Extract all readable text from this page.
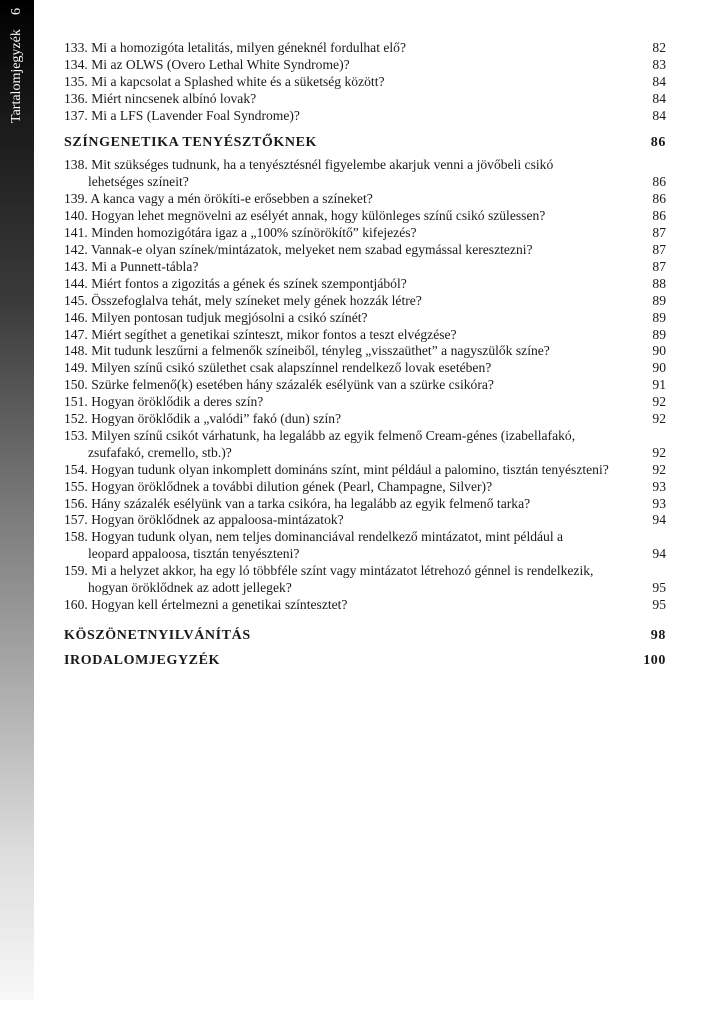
Tartalomjegyzék
6
133. Mi a homozigóta letalitás, milyen géneknél fordulhat elő?	82
134. Mi az OLWS (Overo Lethal White Syndrome)?	83
135. Mi a kapcsolat a Splashed white és a süketség között?	84
136. Miért nincsenek albínó lovak?	84
137. Mi a LFS (Lavender Foal Syndrome)?	84
SZÍNGENETIKA TENYÉSZTŐKNEK	86
138. Mit szükséges tudnunk, ha a tenyésztésnél figyelembe akarjuk venni a jövőbeli csikó
lehetséges színeit?	86
139. A kanca vagy a mén örökíti-e erősebben a színeket?	86
140. Hogyan lehet megnövelni az esélyét annak, hogy különleges színű csikó szülessen?	86
141. Minden homozigótára igaz a „100% színörökítő” kifejezés?	87
142. Vannak-e olyan színek/mintázatok, melyeket nem szabad egymással keresztezni?	87
143. Mi a Punnett-tábla?	87
144. Miért fontos a zigozitás a gének és színek szempontjából?	88
145. Összefoglalva tehát, mely színeket mely gének hozzák létre?	89
146. Milyen pontosan tudjuk megjósolni a csikó színét?	89
147. Miért segíthet a genetikai színteszt, mikor fontos a teszt elvégzése?	89
148. Mit tudunk leszűrni a felmenők színeiből, tényleg „visszaüthet” a nagyszülők színe?	90
149. Milyen színű csikó születhet csak alapszínnel rendelkező lovak esetében?	90
150. Szürke felmenő(k) esetében hány százalék esélyünk van a szürke csikóra?	91
151. Hogyan öröklődik a deres szín?	92
152. Hogyan öröklődik a „valódi” fakó (dun) szín?	92
153. Milyen színű csikót várhatunk, ha legalább az egyik felmenő Cream-génes (izabellafakó,
zsufafakó, cremello, stb.)?	92
154. Hogyan tudunk olyan inkomplett domináns színt, mint például a palomino, tisztán tenyészteni?	92
155. Hogyan öröklődnek a további dilution gének (Pearl, Champagne, Silver)?	93
156. Hány százalék esélyünk van a tarka csikóra, ha legalább az egyik felmenő tarka?	93
157. Hogyan öröklődnek az appaloosa-mintázatok?	94
158. Hogyan tudunk olyan, nem teljes dominanciával rendelkező mintázatot, mint például a
leopard appaloosa, tisztán tenyészteni?	94
159. Mi a helyzet akkor, ha egy ló többféle színt vagy mintázatot létrehozó génnel is rendelkezik,
hogyan öröklődnek az adott jellegek?	95
160. Hogyan kell értelmezni a genetikai színtesztet?	95
KÖSZÖNETNYILVÁNÍTÁS	98
IRODALOMJEGYZÉK	100
